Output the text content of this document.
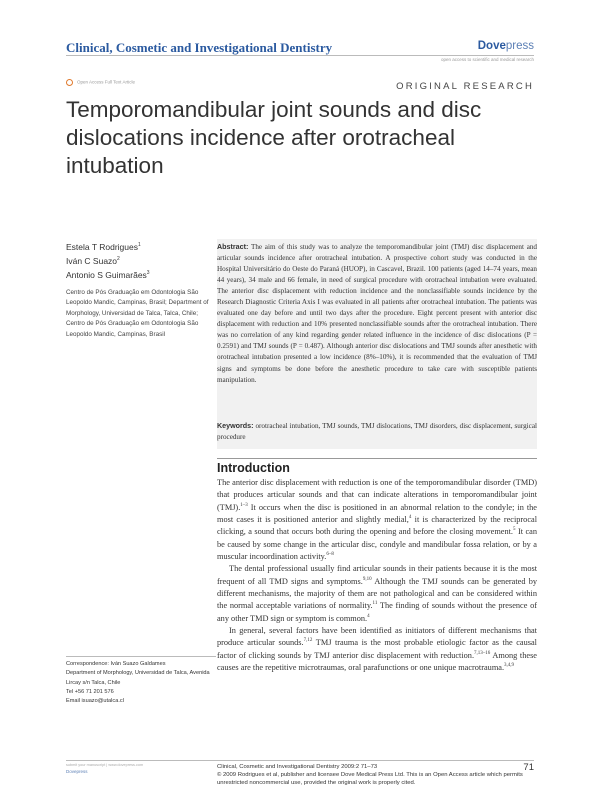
Clinical, Cosmetic and Investigational Dentistry	Dovepress
open access to scientific and medical research
Open Access Full Text Article	ORIGINAL RESEARCH
Temporomandibular joint sounds and disc dislocations incidence after orotracheal intubation
Estela T Rodrigues$^1$
Iván C Suazo$^2$
Antonio S Guimarães$^3$
Centro de Pós Graduação em Odontologia São Leopoldo Mandic, Campinas, Brasil; Department of Morphology, Universidad de Talca, Talca, Chile; Centro de Pós Graduação em Odontologia São Leopoldo Mandic, Campinas, Brasil
Correspondence: Iván Suazo Galdames
Department of Morphology, Universidad de Talca, Avenida Lircay s/n Talca, Chile
Tel +56 71 201 576
Email isuazo@utalca.cl
Abstract: The aim of this study was to analyze the temporomandibular joint (TMJ) disc displacement and articular sounds incidence after orotracheal intubation. A prospective cohort study was conducted in the Hospital Universitário do Oeste do Paraná (HUOP), in Cascavel, Brazil. 100 patients (aged 14–74 years, mean 44 years), 34 male and 66 female, in need of surgical procedure with orotracheal intubation were evaluated. The anterior disc displacement with reduction incidence and the nonclassifiable sounds incidence by the Research Diagnostic Criteria Axis I was evaluated in all patients after orotracheal intubation. The patients was evaluated one day before and until two days after the procedure. Eight percent present with anterior disc displacement with reduction and 10% presented nonclassifiable sounds after the orotracheal intubation. There was no correlation of any kind regarding gender related influence in the incidence of disc dislocations (P = 0.2591) and TMJ sounds (P = 0.487). Although anterior disc dislocations and TMJ sounds after anesthetic with orotracheal intubation presented a low incidence (8%–10%), it is recommended that the evaluation of TMJ signs and symptoms be done before the anesthetic procedure to take care with susceptible patients manipulation.
Keywords: orotracheal intubation, TMJ sounds, TMJ dislocations, TMJ disorders, disc displacement, surgical procedure
Introduction

The anterior disc displacement with reduction is one of the temporomandibular disorder (TMD) that produces articular sounds and that can indicate alterations in temporomandibular joint (TMJ).$^{1-3}$ It occurs when the disc is positioned in an abnormal relation to the condyle; in the most cases it is positioned anterior and slightly medial,$^4$ it is characterized by the reciprocal clicking, a sound that occurs both during the opening and before the closing movement.$^5$ It can be caused by some change in the articular disc, condyle and mandibular fossa relation, or by a muscular incoordination activity.$^{6-8}$

The dental professional usually find articular sounds in their patients because it is the most frequent of all TMD signs and symptoms.$^{9,10}$ Although the TMJ sounds can be generated by different mechanisms, the majority of them are not pathological and can be considered within the normal acceptable variations of normality.$^{11}$ The finding of sounds without the presence of any other TMD sign or symptom is common.$^4$

In general, several factors have been identified as initiators of different mechanisms that produce articular sounds.$^{7,12}$ TMJ trauma is the most probable etiologic factor as the causal factor of clicking sounds by TMJ anterior disc displacement with reduction.$^{7,13-16}$ Among these causes are the repetitive microtraumas, oral parafunctions or one unique macrotrauma.$^{3,4,9}$

submit your manuscript | www.dovepress.com
Dovepress
Clinical, Cosmetic and Investigational Dentistry 2009:2 71–73	71
© 2009 Rodrigues et al, publisher and licensee Dove Medical Press Ltd. This is an Open Access article which permits unrestricted noncommercial use, provided the original work is properly cited.
